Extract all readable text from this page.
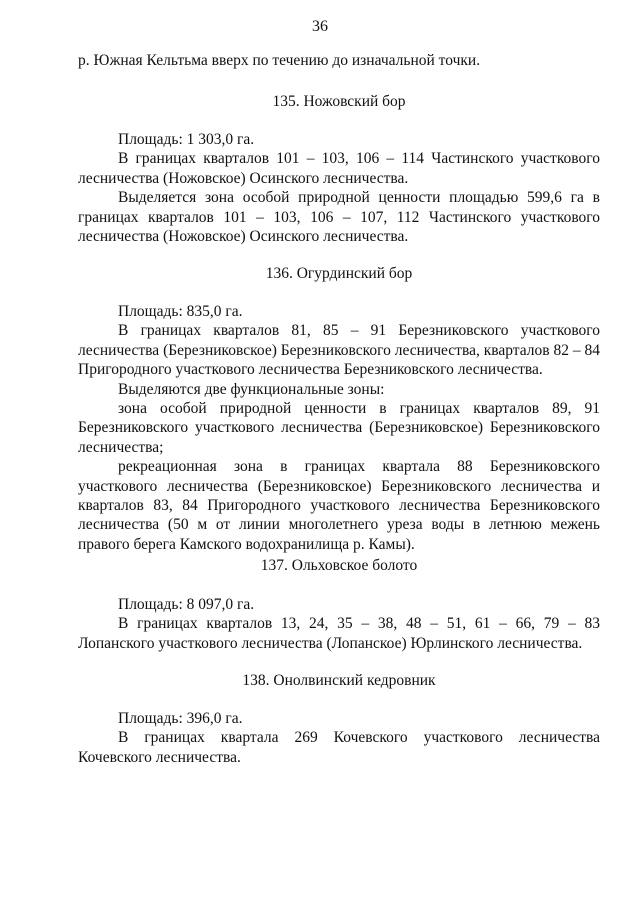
36

р. Южная Кельтьма вверх по течению до изначальной точки.

135. Ножовский бор

Площадь: 1 303,0 га.

В границах кварталов 101 – 103, 106 – 114 Частинского участкового лесничества (Ножовское) Осинского лесничества.

Выделяется зона особой природной ценности площадью 599,6 га в границах кварталов 101 – 103, 106 – 107, 112 Частинского участкового лесничества (Ножовское) Осинского лесничества.

136. Огурдинский бор

Площадь: 835,0 га.

В границах кварталов 81, 85 – 91 Березниковского участкового лесничества (Березниковское) Березниковского лесничества, кварталов 82 – 84 Пригородного участкового лесничества Березниковского лесничества.

Выделяются две функциональные зоны:

зона особой природной ценности в границах кварталов 89, 91 Березниковского участкового лесничества (Березниковское) Березниковского лесничества;

рекреационная зона в границах квартала 88 Березниковского участкового лесничества (Березниковское) Березниковского лесничества и кварталов 83, 84 Пригородного участкового лесничества Березниковского лесничества (50 м от линии многолетнего уреза воды в летнюю межень правого берега Камского водохранилища р. Камы).

137. Ольховское болото

Площадь: 8 097,0 га.

В границах кварталов 13, 24, 35 – 38, 48 – 51, 61 – 66, 79 – 83 Лопанского участкового лесничества (Лопанское) Юрлинского лесничества.

138. Онолвинский кедровник

Площадь: 396,0 га.

В границах квартала 269 Кочевского участкового лесничества Кочевского лесничества.
